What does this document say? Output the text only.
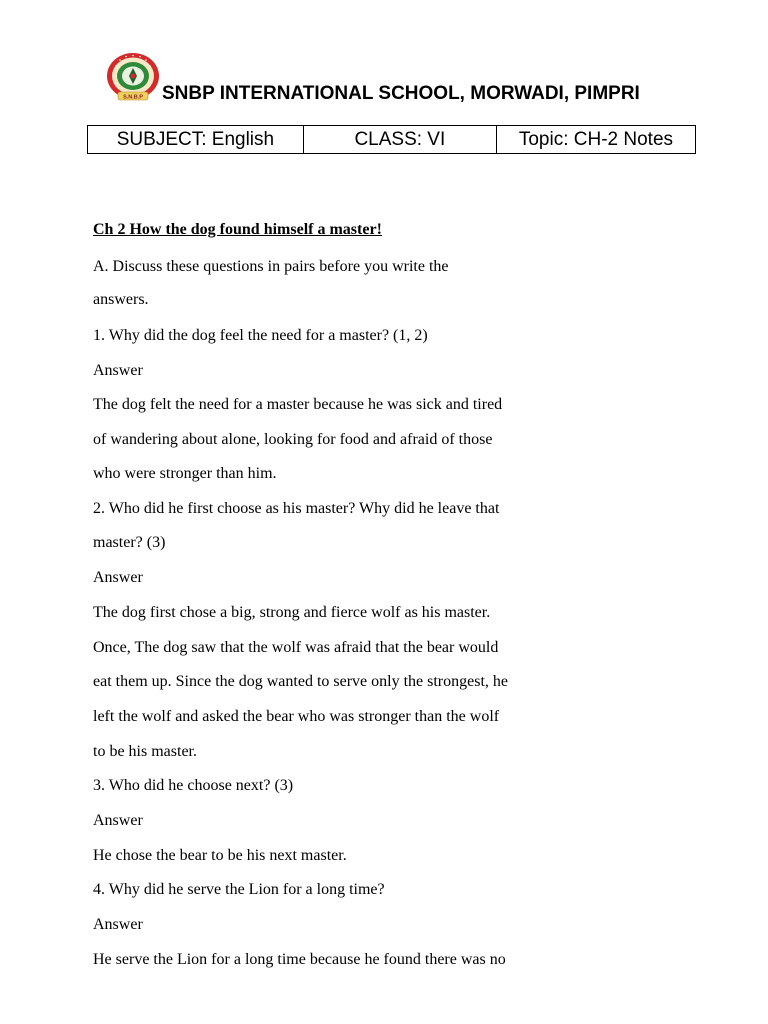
S.N.B.P SNBP INTERNATIONAL SCHOOL, MORWADI, PIMPRI
SUBJECT: English	CLASS: VI	Topic: CH-2 Notes
Ch 2 How the dog found himself a master!
A. Discuss these questions in pairs before you write the
answers.
1. Why did the dog feel the need for a master? (1, 2)
Answer
The dog felt the need for a master because he was sick and tired
of wandering about alone, looking for food and afraid of those
who were stronger than him.
2. Who did he first choose as his master? Why did he leave that
master? (3)
Answer
The dog first chose a big, strong and fierce wolf as his master.
Once, The dog saw that the wolf was afraid that the bear would
eat them up. Since the dog wanted to serve only the strongest, he
left the wolf and asked the bear who was stronger than the wolf
to be his master.
3. Who did he choose next? (3)
Answer
He chose the bear to be his next master.
4. Why did he serve the Lion for a long time?
Answer
He serve the Lion for a long time because he found there was no
